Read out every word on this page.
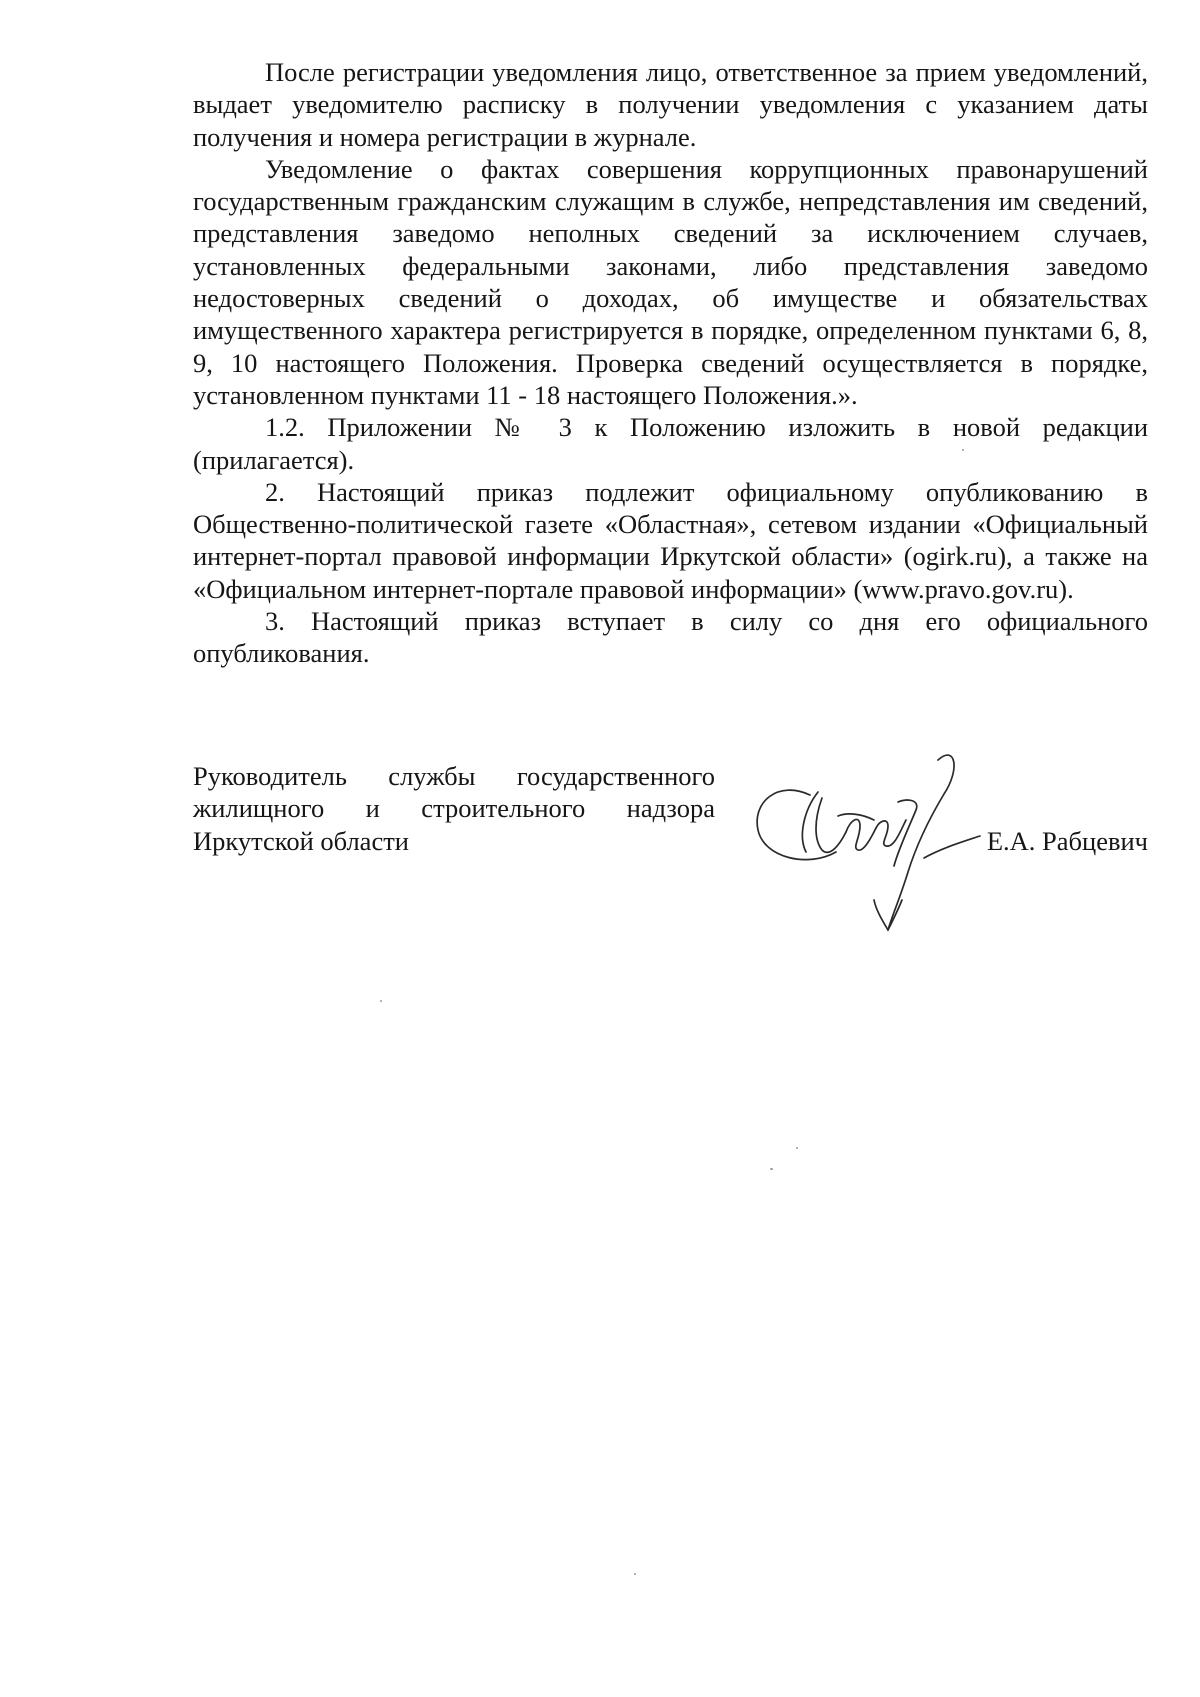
После регистрации уведомления лицо, ответственное за прием уведомлений, выдает уведомителю расписку в получении уведомления с указанием даты получения и номера регистрации в журнале.

Уведомление о фактах совершения коррупционных правонарушений государственным гражданским служащим в службе, непредставления им сведений, представления заведомо неполных сведений за исключением случаев, установленных федеральными законами, либо представления заведомо недостоверных сведений о доходах, об имуществе и обязательствах имущественного характера регистрируется в порядке, определенном пунктами 6, 8, 9, 10 настоящего Положения. Проверка сведений осуществляется в порядке, установленном пунктами 11 - 18 настоящего Положения.».

1.2. Приложении № 3 к Положению изложить в новой редакции (прилагается).

2. Настоящий приказ подлежит официальному опубликованию в Общественно-политической газете «Областная», сетевом издании «Официальный интернет-портал правовой информации Иркутской области» (ogirk.ru), а также на «Официальном интернет-портале правовой информации» (www.pravo.gov.ru).

3. Настоящий приказ вступает в силу со дня его официального опубликования.

Руководитель службы государственного жилищного и строительного надзора Иркутской области	Е.А. Рабцевич
